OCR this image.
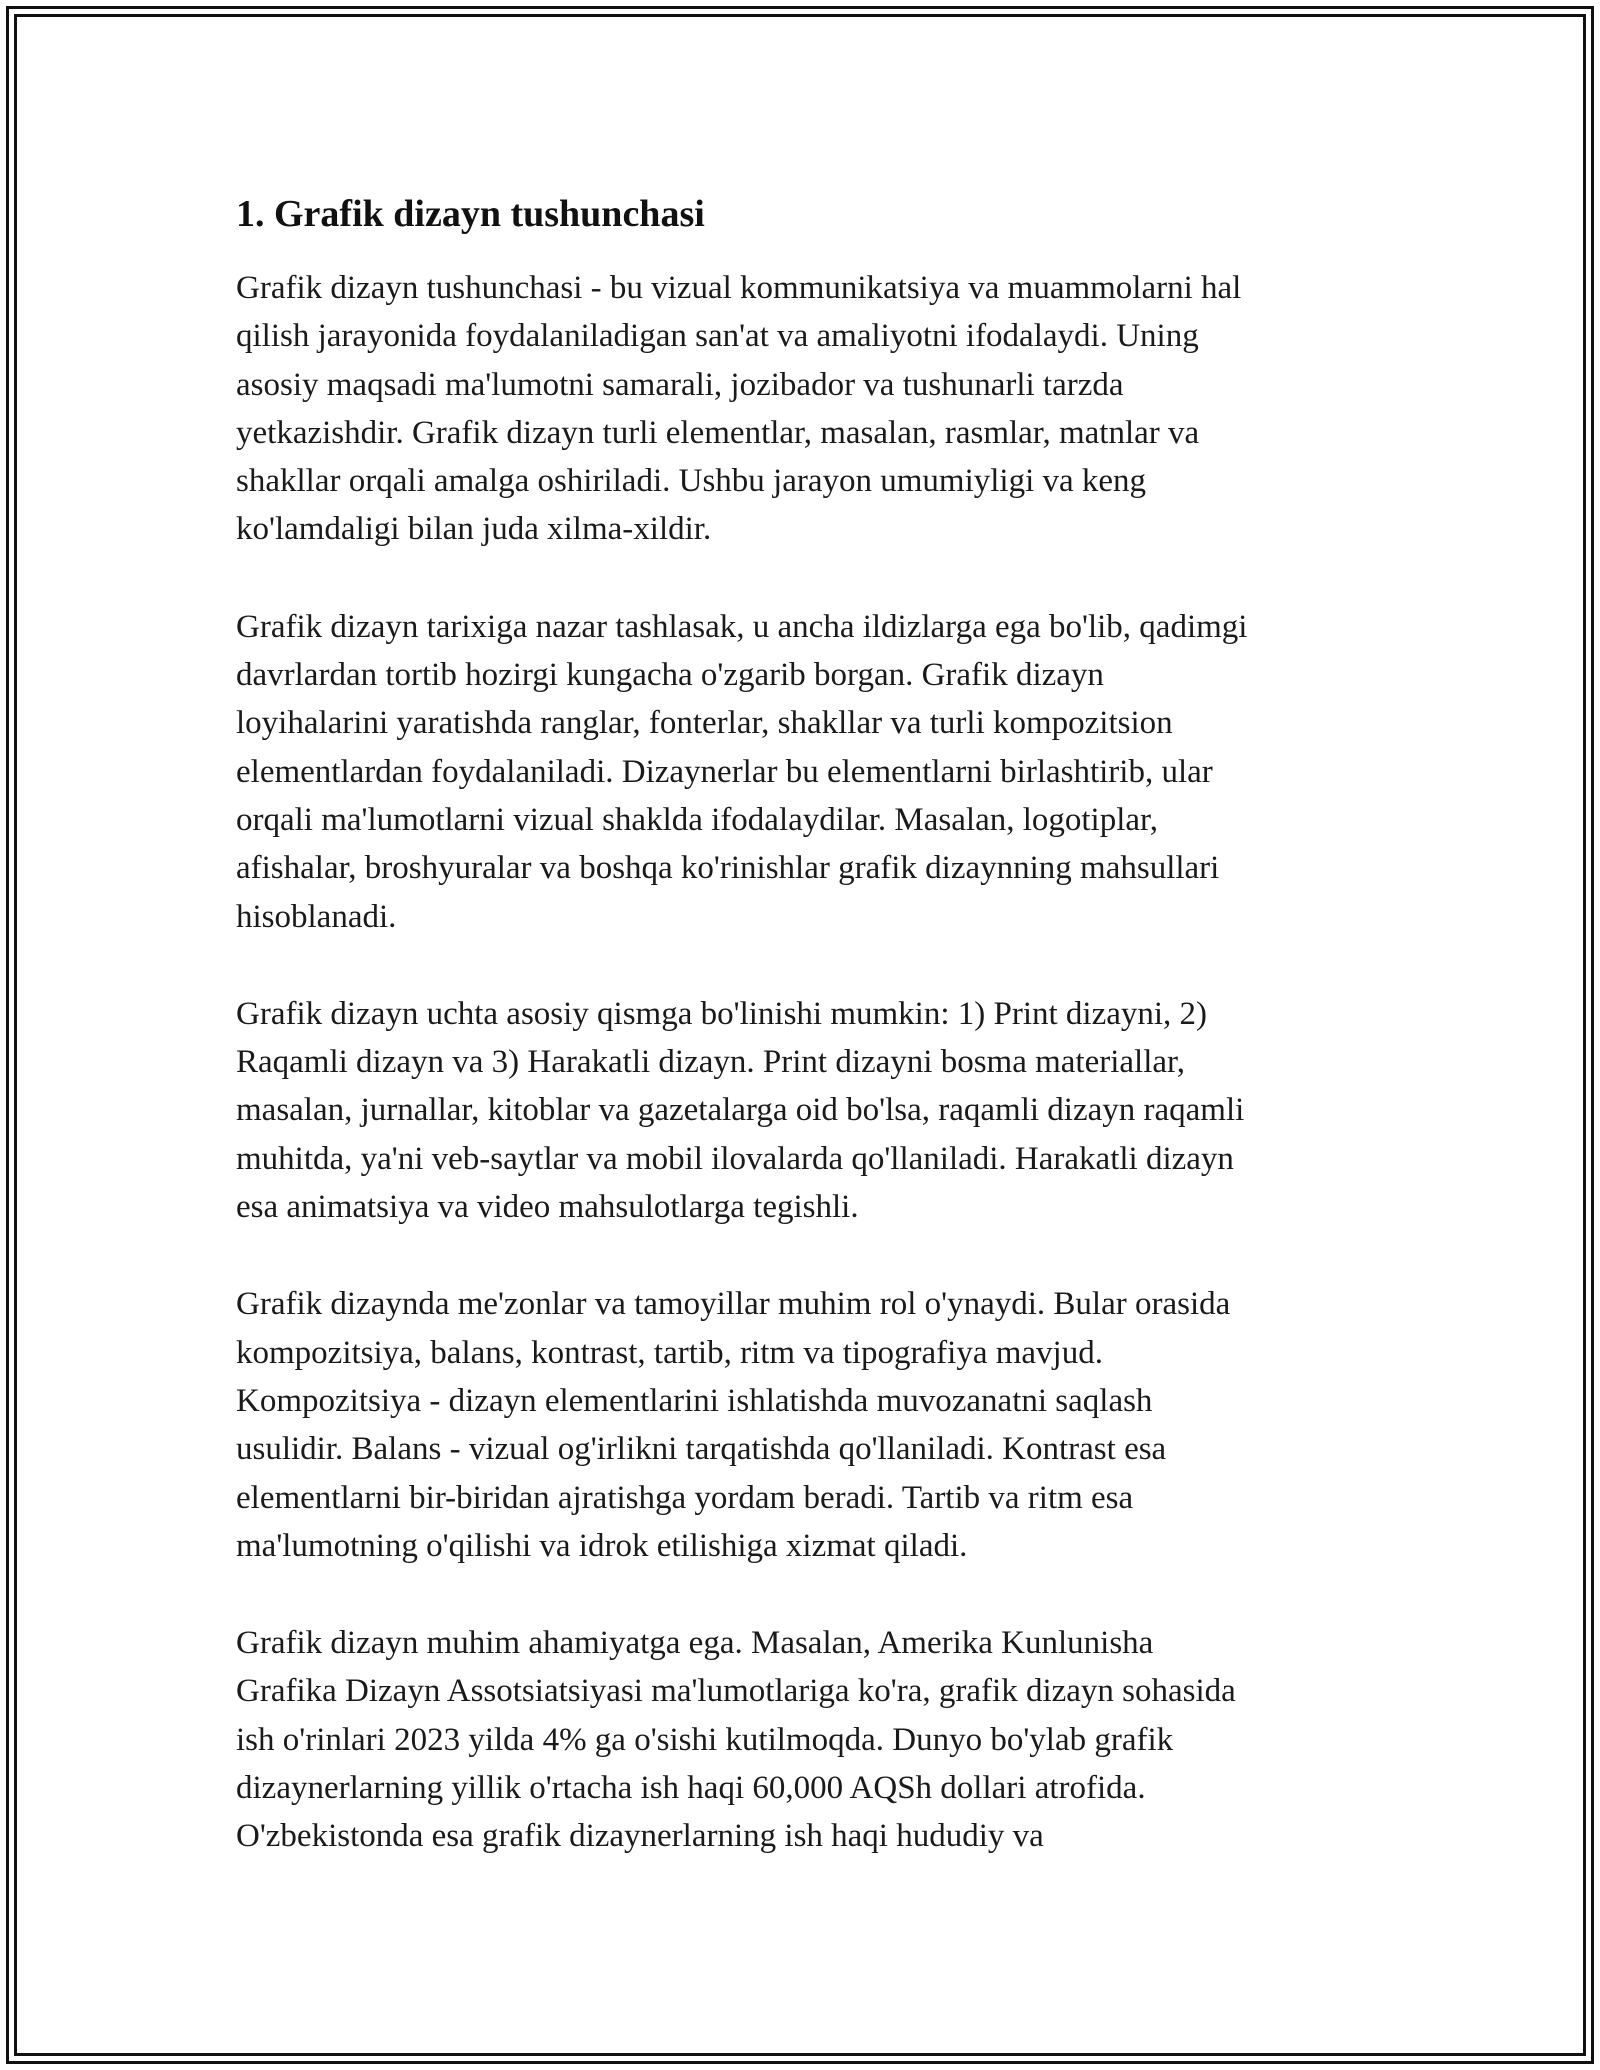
1. Grafik dizayn tushunchasi
Grafik dizayn tushunchasi - bu vizual kommunikatsiya va muammolarni hal
qilish jarayonida foydalaniladigan san'at va amaliyotni ifodalaydi. Uning
asosiy maqsadi ma'lumotni samarali, jozibador va tushunarli tarzda
yetkazishdir. Grafik dizayn turli elementlar, masalan, rasmlar, matnlar va
shakllar orqali amalga oshiriladi. Ushbu jarayon umumiyligi va keng
ko'lamdaligi bilan juda xilma-xildir.
Grafik dizayn tarixiga nazar tashlasak, u ancha ildizlarga ega bo'lib, qadimgi
davrlardan tortib hozirgi kungacha o'zgarib borgan. Grafik dizayn
loyihalarini yaratishda ranglar, fonterlar, shakllar va turli kompozitsion
elementlardan foydalaniladi. Dizaynerlar bu elementlarni birlashtirib, ular
orqali ma'lumotlarni vizual shakldа ifodalaydilar. Masalan, logotiplar,
afishalar, broshyuralar va boshqa ko'rinishlar grafik dizaynning mahsullari
hisoblanadi.
Grafik dizayn uchta asosiy qismga bo'linishi mumkin: 1) Print dizayni, 2)
Raqamli dizayn va 3) Harakatli dizayn. Print dizayni bosma materiallar,
masalan, jurnallar, kitoblar va gazetalarga oid bo'lsa, raqamli dizayn raqamli
muhitda, ya'ni veb-saytlar va mobil ilovalarda qo'llaniladi. Harakatli dizayn
esa animatsiya va video mahsulotlarga tegishli.
Grafik dizaynda me'zonlar va tamoyillar muhim rol o'ynaydi. Bular orasida
kompozitsiya, balans, kontrast, tartib, ritm va tipografiya mavjud.
Kompozitsiya - dizayn elementlarini ishlatishda muvozanatni saqlash
usulidir. Balans - vizual og'irlikni tarqatishda qo'llaniladi. Kontrast esa
elementlarni bir-biridan ajratishga yordam beradi. Tartib va ritm esa
ma'lumotning o'qilishi va idrok etilishiga xizmat qiladi.
Grafik dizayn muhim ahamiyatga ega. Masalan, Amerika Kunlunisha
Grafika Dizayn Assotsiatsiyasi ma'lumotlariga ko'ra, grafik dizayn sohasida
ish o'rinlari 2023 yilda 4% ga o'sishi kutilmoqda. Dunyo bo'ylab grafik
dizaynerlarning yillik o'rtacha ish haqi 60,000 AQSh dollari atrofida.
O'zbekistonda esa grafik dizaynerlarning ish haqi hududiy va
